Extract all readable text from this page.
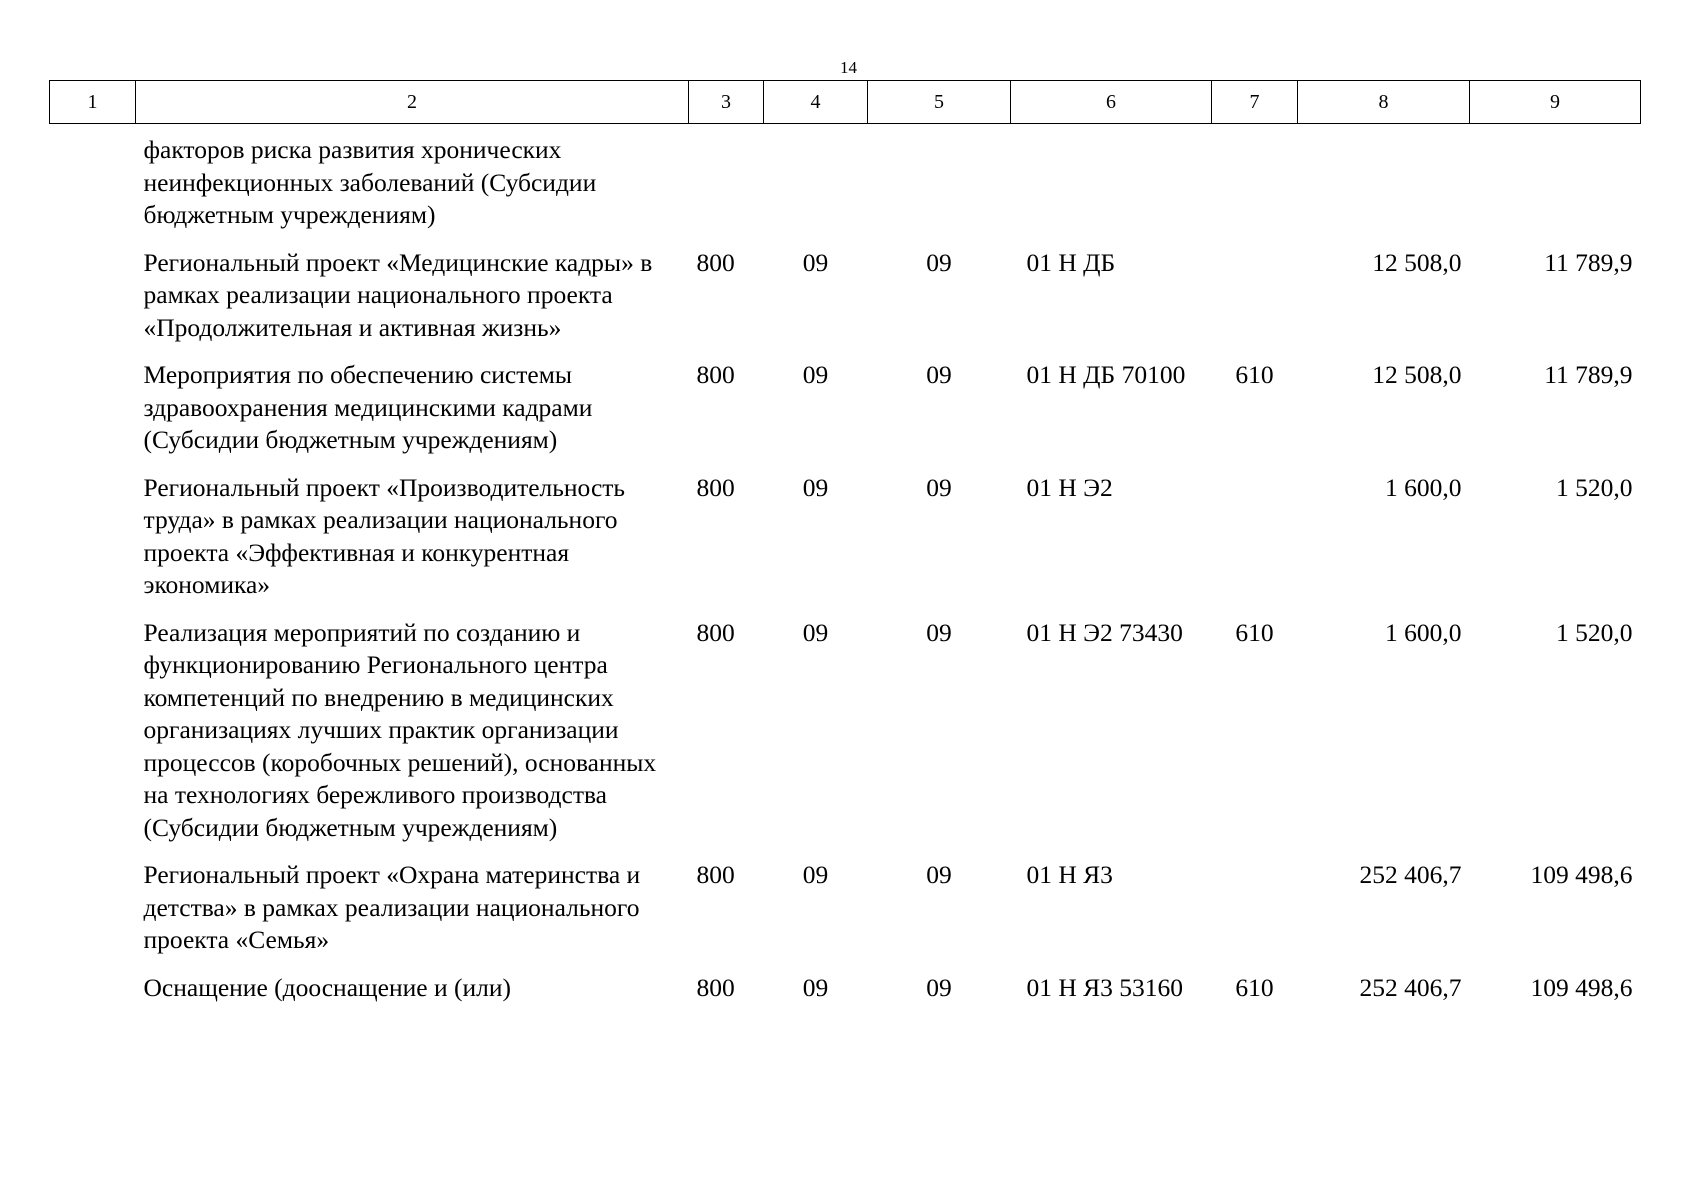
14
1	2	3	4	5	6	7	8	9
	факторов риска развития хронических неинфекционных заболеваний (Субсидии бюджетным учреждениям)							
	Региональный проект «Медицинские кадры» в рамках реализации национального проекта «Продолжительная и активная жизнь»	800	09	09	01 Н ДБ		12 508,0	11 789,9
	Мероприятия по обеспечению системы здравоохранения медицинскими кадрами (Субсидии бюджетным учреждениям)	800	09	09	01 Н ДБ 70100	610	12 508,0	11 789,9
	Региональный проект «Производительность труда» в рамках реализации национального проекта «Эффективная и конкурентная экономика»	800	09	09	01 Н Э2		1 600,0	1 520,0
	Реализация мероприятий по созданию и функционированию Регионального центра компетенций по внедрению в медицинских организациях лучших практик организации процессов (коробочных решений), основанных на технологиях бережливого производства (Субсидии бюджетным учреждениям)	800	09	09	01 Н Э2 73430	610	1 600,0	1 520,0
	Региональный проект «Охрана материнства и детства» в рамках реализации национального проекта «Семья»	800	09	09	01 Н Я3		252 406,7	109 498,6
	Оснащение (дооснащение и (или)	800	09	09	01 Н Я3 53160	610	252 406,7	109 498,6
